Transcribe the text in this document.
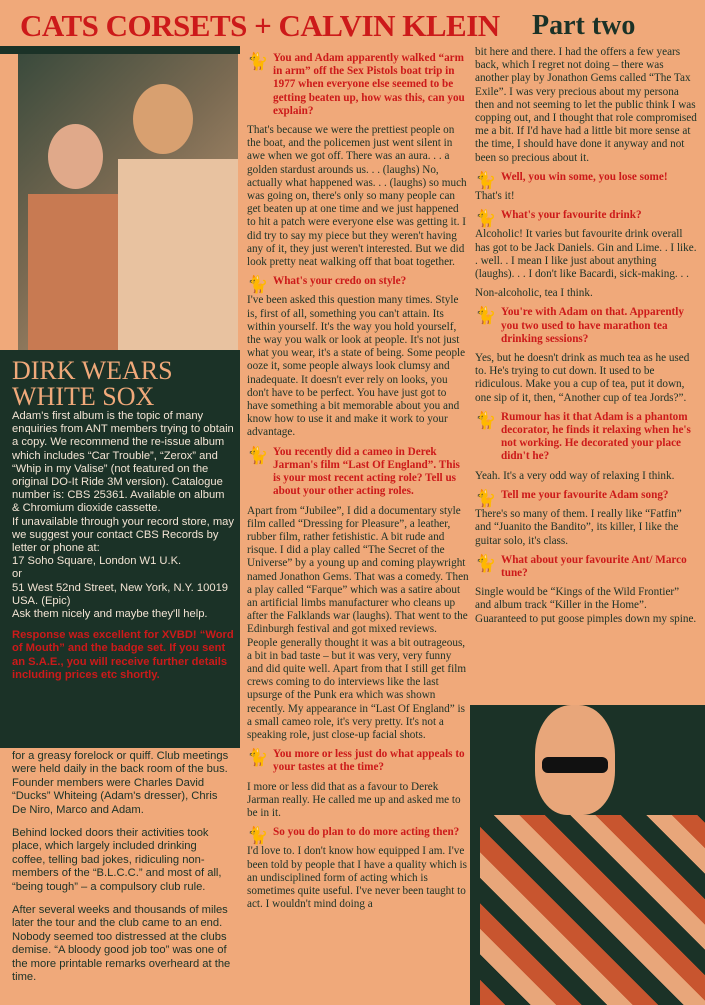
CATS CORSETS + CALVIN KLEIN Part two
DIRK WEARS WHITE SOX

Adam's first album is the topic of many enquiries from ANT members trying to obtain a copy. We recommend the re-issue album which includes “Car Trouble”, “Zerox” and “Whip in my Valise” (not featured on the original DO-It Ride 3M version). Catalogue number is: CBS 25361. Available on album & Chromium dioxide cassette.

If unavailable through your record store, may we suggest your contact CBS Records by letter or phone at:

17 Soho Square, London W1 U.K.

or

51 West 52nd Street, New York, N.Y. 10019 USA. (Epic)

Ask them nicely and maybe they'll help.

Response was excellent for XVBD! “Word of Mouth” and the badge set. If you sent an S.A.E., you will receive further details including prices etc shortly.

for a greasy forelock or quiff. Club meetings were held daily in the back room of the bus. Founder members were Charles David “Ducks” Whiteing (Adam's dresser), Chris De Niro, Marco and Adam.

Behind locked doors their activities took place, which largely included drinking coffee, telling bad jokes, ridiculing non-members of the “B.L.C.C.” and most of all, “being tough” – a compulsory club rule.

After several weeks and thousands of miles later the tour and the club came to an end. Nobody seemed too distressed at the clubs demise. “A bloody good job too” was one of the more printable remarks overheard at the time.

🐈 You and Adam apparently walked “arm in arm” off the Sex Pistols boat trip in 1977 when everyone else seemed to be getting beaten up, how was this, can you explain?
That's because we were the prettiest people on the boat, and the policemen just went silent in awe when we got off. There was an aura. . . a golden stardust arounds us. . . (laughs) No, actually what happened was. . . (laughs) so much was going on, there's only so many people can get beaten up at one time and we just happened to hit a patch were everyone else was getting it. I did try to say my piece but they weren't having any of it, they just weren't interested. But we did look pretty neat walking off that boat together.
🐈 What's your credo on style?
I've been asked this question many times. Style is, first of all, something you can't attain. Its within yourself. It's the way you hold yourself, the way you walk or look at people. It's not just what you wear, it's a state of being. Some people ooze it, some people always look clumsy and inadequate. It doesn't ever rely on looks, you don't have to be perfect. You have just got to have something a bit memorable about you and know how to use it and make it work to your advantage.
🐈 You recently did a cameo in Derek Jarman's film “Last Of England”. This is your most recent acting role? Tell us about your other acting roles.
Apart from “Jubilee”, I did a documentary style film called “Dressing for Pleasure”, a leather, rubber film, rather fetishistic. A bit rude and risque. I did a play called “The Secret of the Universe” by a young up and coming playwright named Jonathon Gems. That was a comedy. Then a play called “Farque” which was a satire about an artificial limbs manufacturer who cleans up after the Falklands war (laughs). That went to the Edinburgh festival and got mixed reviews. People generally thought it was a bit outrageous, a bit in bad taste – but it was very, very funny and did quite well. Apart from that I still get film crews coming to do interviews like the last upsurge of the Punk era which was shown recently. My appearance in “Last Of England” is a small cameo role, it's very pretty. It's not a speaking role, just close-up facial shots.
🐈 You more or less just do what appeals to your tastes at the time?
I more or less did that as a favour to Derek Jarman really. He called me up and asked me to be in it.
🐈 So you do plan to do more acting then?
I'd love to. I don't know how equipped I am. I've been told by people that I have a quality which is an undisciplined form of acting which is sometimes quite useful. I've never been taught to act. I wouldn't mind doing a
bit here and there. I had the offers a few years back, which I regret not doing – there was another play by Jonathon Gems called “The Tax Exile”. I was very precious about my persona then and not seeming to let the public think I was copping out, and I thought that role compromised me a bit. If I'd have had a little bit more sense at the time, I should have done it anyway and not been so precious about it.
🐈 Well, you win some, you lose some!
That's it!
🐈 What's your favourite drink?
Alcoholic! It varies but favourite drink overall has got to be Jack Daniels. Gin and Lime. . I like. . well. . I mean I like just about anything (laughs). . . I don't like Bacardi, sick-making. . .
Non-alcoholic, tea I think.
🐈 You're with Adam on that. Apparently you two used to have marathon tea drinking sessions?
Yes, but he doesn't drink as much tea as he used to. He's trying to cut down. It used to be ridiculous. Make you a cup of tea, put it down, one sip of it, then, “Another cup of tea Jords?”.
🐈 Rumour has it that Adam is a phantom decorator, he finds it relaxing when he's not working. He decorated your place didn't he?
Yeah. It's a very odd way of relaxing I think.
🐈 Tell me your favourite Adam song?
There's so many of them. I really like “Fatfin” and “Juanito the Bandito”, its killer, I like the guitar solo, it's class.
🐈 What about your favourite Ant/ Marco tune?
Single would be “Kings of the Wild Frontier” and album track “Killer in the Home”. Guaranteed to put goose pimples down my spine.
